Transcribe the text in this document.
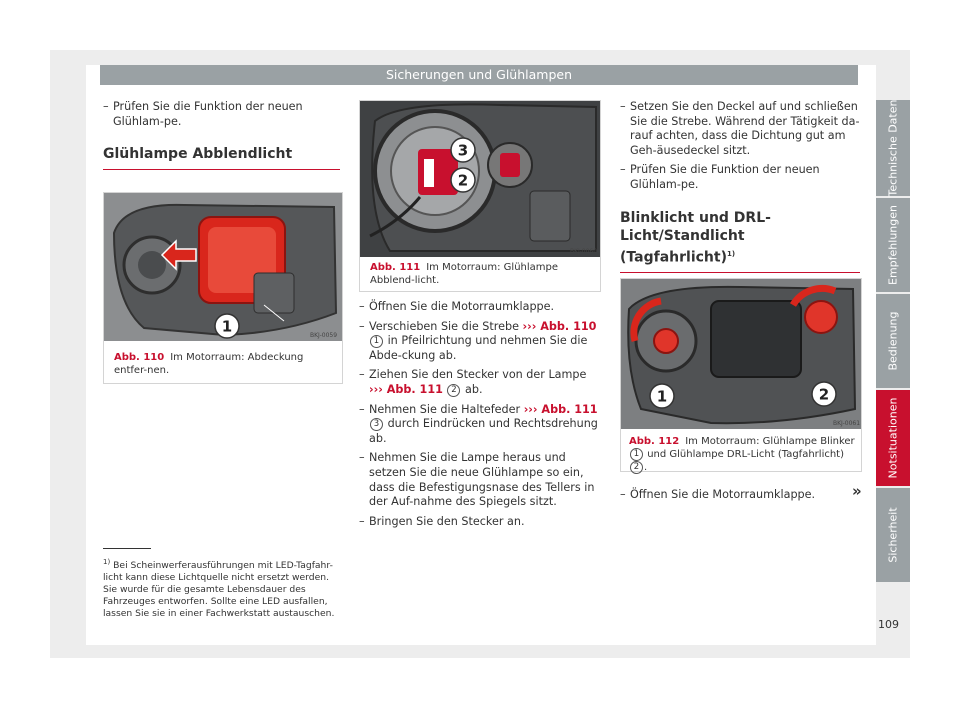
Sicherungen und Glühlampen
– Prüfen Sie die Funktion der neuen Glühlam-pe.
Glühlampe Abblendlicht
BKJ-0059
1
Abb. 110 Im Motorraum: Abdeckung entfer-nen.
BKJ-0060
3
2
Abb. 111 Im Motorraum: Glühlampe Abblend-licht.
– Öffnen Sie die Motorraumklappe.
– Verschieben Sie die Strebe ››› Abb. 110 1 in Pfeilrichtung und nehmen Sie die Abde-ckung ab.
– Ziehen Sie den Stecker von der Lampe ››› Abb. 111 2 ab.
– Nehmen Sie die Haltefeder ››› Abb. 111 3 durch Eindrücken und Rechtsdrehung ab.
– Nehmen Sie die Lampe heraus und setzen Sie die neue Glühlampe so ein, dass die Befestigungsnase des Tellers in der Auf-nahme des Spiegels sitzt.
– Bringen Sie den Stecker an.
– Setzen Sie den Deckel auf und schließen Sie die Strebe. Während der Tätigkeit da-rauf achten, dass die Dichtung gut am Geh-äusedeckel sitzt.
– Prüfen Sie die Funktion der neuen Glühlam-pe.
Blinklicht und DRL-Licht/Standlicht (Tagfahrlicht)$^{1)}$
BKJ-0061
1	2
Abb. 112 Im Motorraum: Glühlampe Blinker
1 und Glühlampe DRL-Licht (Tagfahrlicht)
2 .
– Öffnen Sie die Motorraumklappe.	»
$^{1)}$ Bei Scheinwerferausführungen mit LED-Tagfahr-licht kann diese Lichtquelle nicht ersetzt werden. Sie wurde für die gesamte Lebensdauer des Fahrzeuges entworfen. Sollte eine LED ausfallen, lassen Sie sie in einer Fachwerkstatt austauschen.
Technische Daten
Empfehlungen
Bedienung
Notsituationen
Sicherheit
109
